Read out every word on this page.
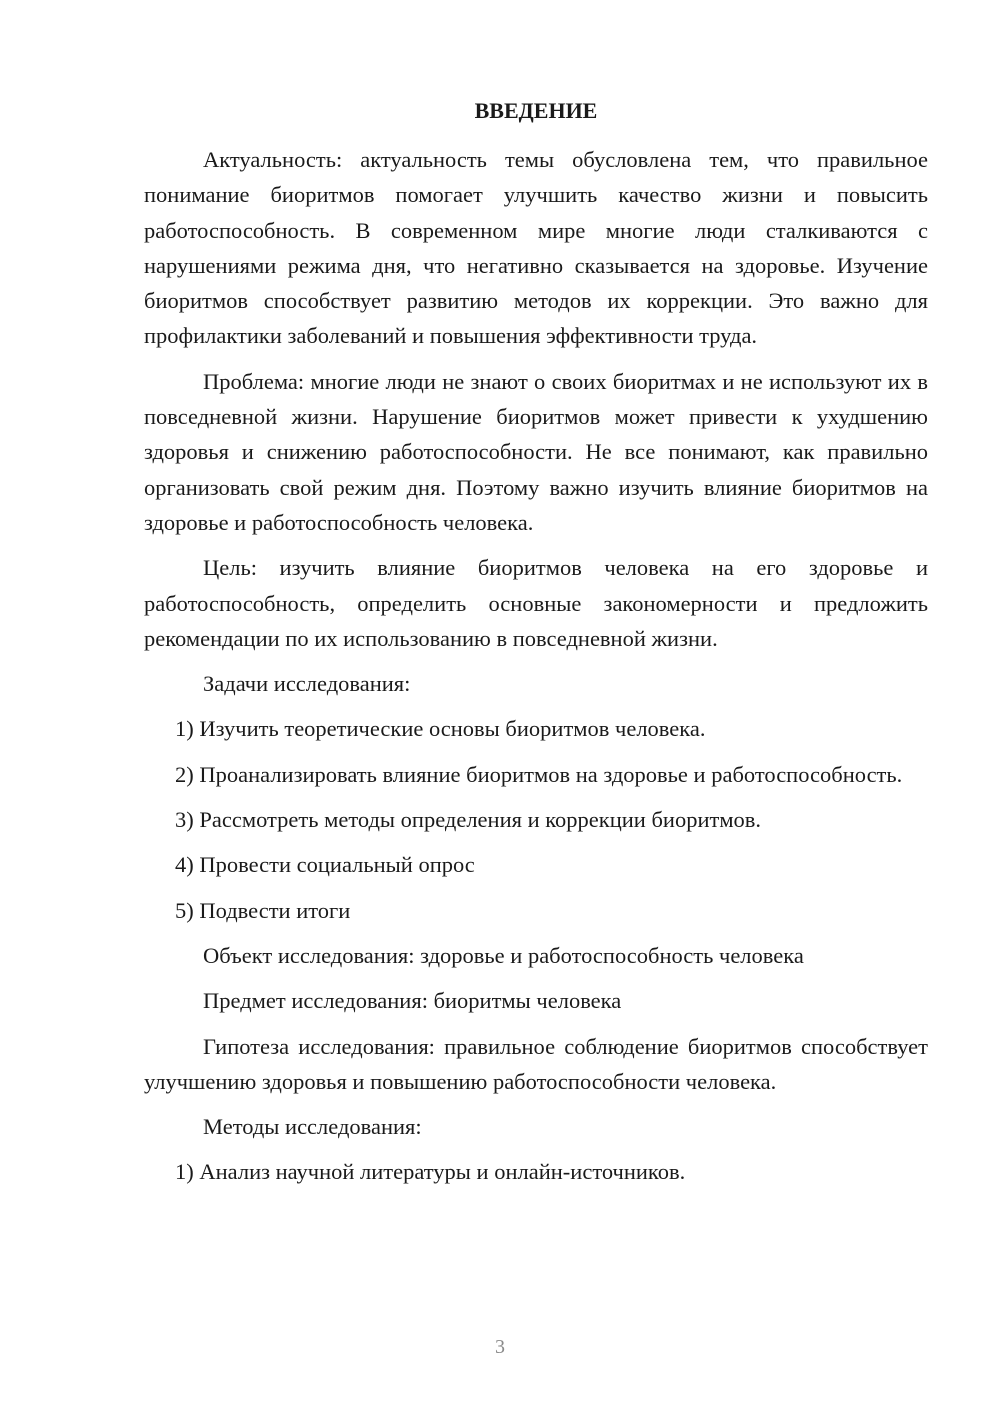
ВВЕДЕНИЕ

Актуальность: актуальность темы обусловлена тем, что правильное понимание биоритмов помогает улучшить качество жизни и повысить работоспособность. В современном мире многие люди сталкиваются с нарушениями режима дня, что негативно сказывается на здоровье. Изучение биоритмов способствует развитию методов их коррекции. Это важно для профилактики заболеваний и повышения эффективности труда.

Проблема: многие люди не знают о своих биоритмах и не используют их в повседневной жизни. Нарушение биоритмов может привести к ухудшению здоровья и снижению работоспособности. Не все понимают, как правильно организовать свой режим дня. Поэтому важно изучить влияние биоритмов на здоровье и работоспособность человека.

Цель: изучить влияние биоритмов человека на его здоровье и работоспособность, определить основные закономерности и предложить рекомендации по их использованию в повседневной жизни.

Задачи исследования:

1) Изучить теоретические основы биоритмов человека.

2) Проанализировать влияние биоритмов на здоровье и работоспособность.

3) Рассмотреть методы определения и коррекции биоритмов.

4) Провести социальный опрос

5) Подвести итоги

Объект исследования: здоровье и работоспособность человека

Предмет исследования: биоритмы человека

Гипотеза исследования: правильное соблюдение биоритмов способствует улучшению здоровья и повышению работоспособности человека.

Методы исследования:

1) Анализ научной литературы и онлайн-источников.

3
